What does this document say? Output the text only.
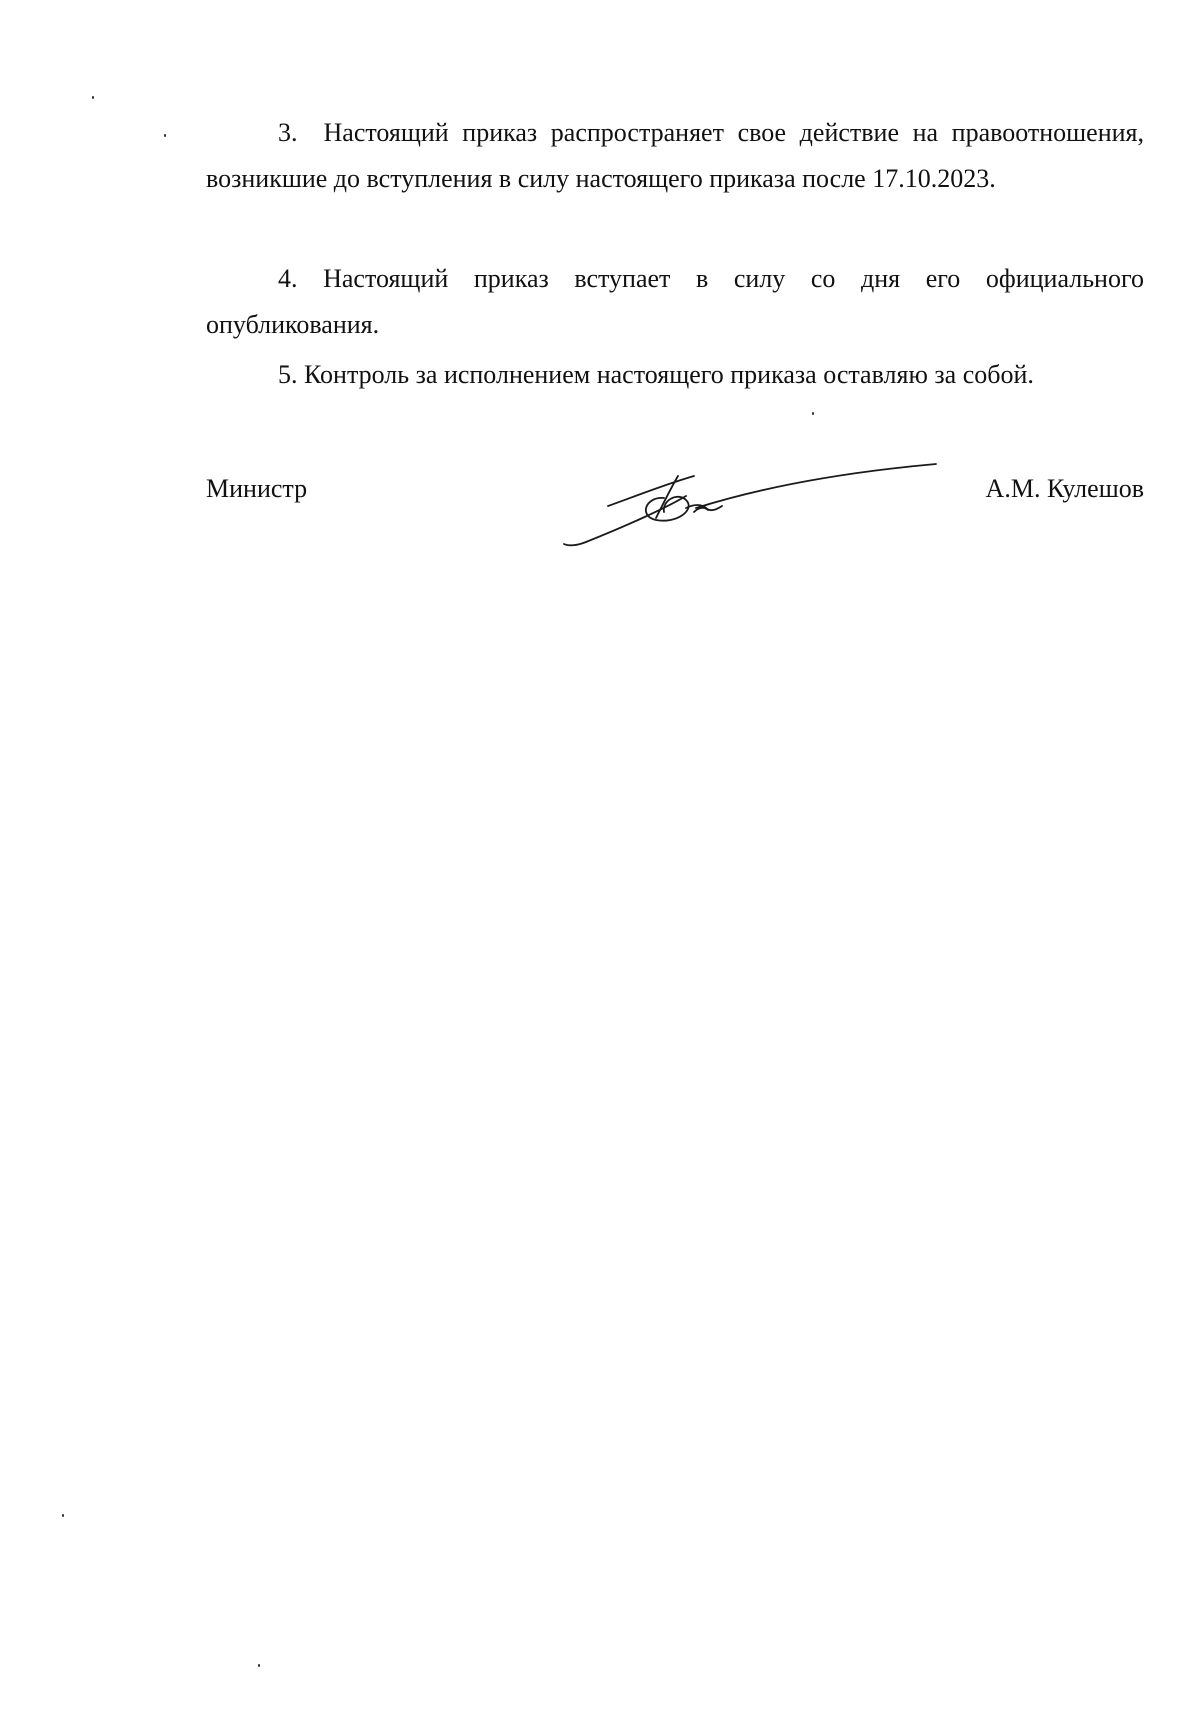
3. Настоящий приказ распространяет свое действие на правоотношения, возникшие до вступления в силу настоящего приказа после 17.10.2023.

4. Настоящий приказ вступает в силу со дня его официального опубликования.

5. Контроль за исполнением настоящего приказа оставляю за собой.

Министр	А.М. Кулешов
